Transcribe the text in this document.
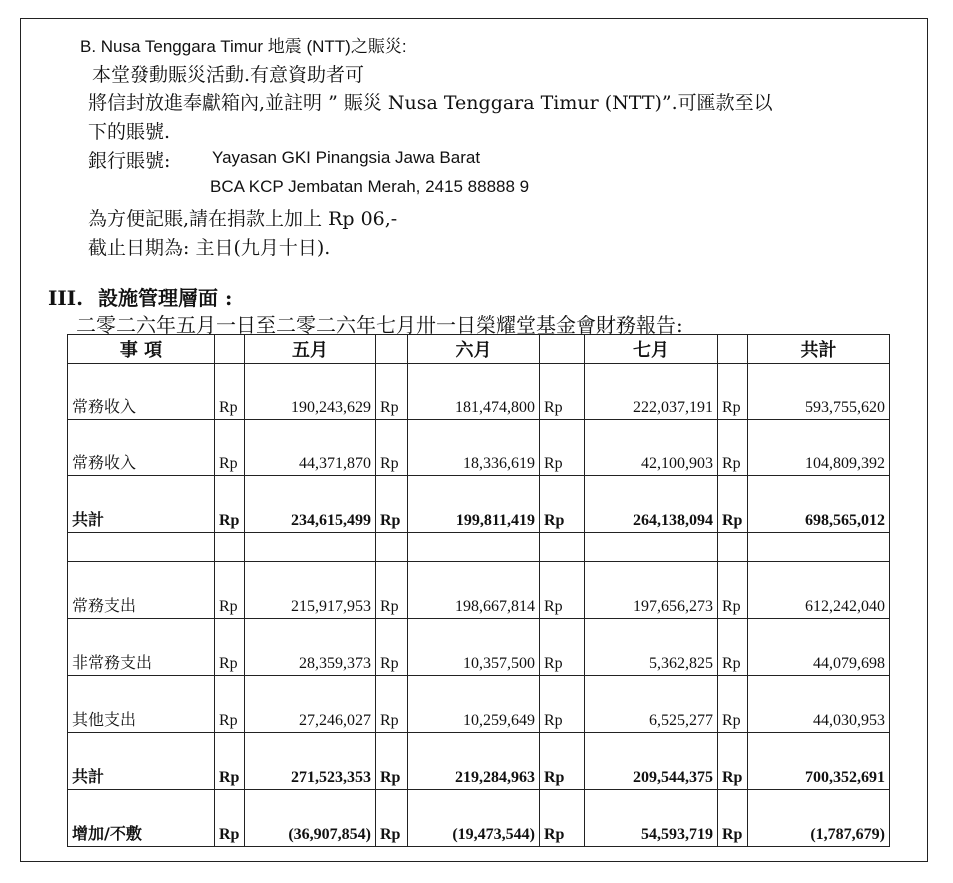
B. Nusa Tenggara Timur 地震 (NTT)之賑災:
本堂發動賑災活動.有意資助者可
將信封放進奉獻箱內,並註明 ” 賑災 Nusa Tenggara Timur (NTT)”.可匯款至以
下的賬號.
銀行賬號: Yayasan GKI Pinangsia Jawa Barat
BCA KCP Jembatan Merah, 2415 88888 9
為方便記賬,請在捐款上加上 Rp 06,-
截止日期為: 主日(九月十日).
III. 設施管理層面 :
二零二六年五月一日至二零二六年七月卅一日榮耀堂基金會財務報告:
事 項		五月		六月		七月		共計
常務收入	Rp	190,243,629	Rp	181,474,800	Rp	222,037,191	Rp	593,755,620
常務收入	Rp	44,371,870	Rp	18,336,619	Rp	42,100,903	Rp	104,809,392
共計	Rp	234,615,499	Rp	199,811,419	Rp	264,138,094	Rp	698,565,012

常務支出	Rp	215,917,953	Rp	198,667,814	Rp	197,656,273	Rp	612,242,040
非常務支出	Rp	28,359,373	Rp	10,357,500	Rp	5,362,825	Rp	44,079,698
其他支出	Rp	27,246,027	Rp	10,259,649	Rp	6,525,277	Rp	44,030,953
共計	Rp	271,523,353	Rp	219,284,963	Rp	209,544,375	Rp	700,352,691
增加/不敷	Rp	(36,907,854)	Rp	(19,473,544)	Rp	54,593,719	Rp	(1,787,679)
